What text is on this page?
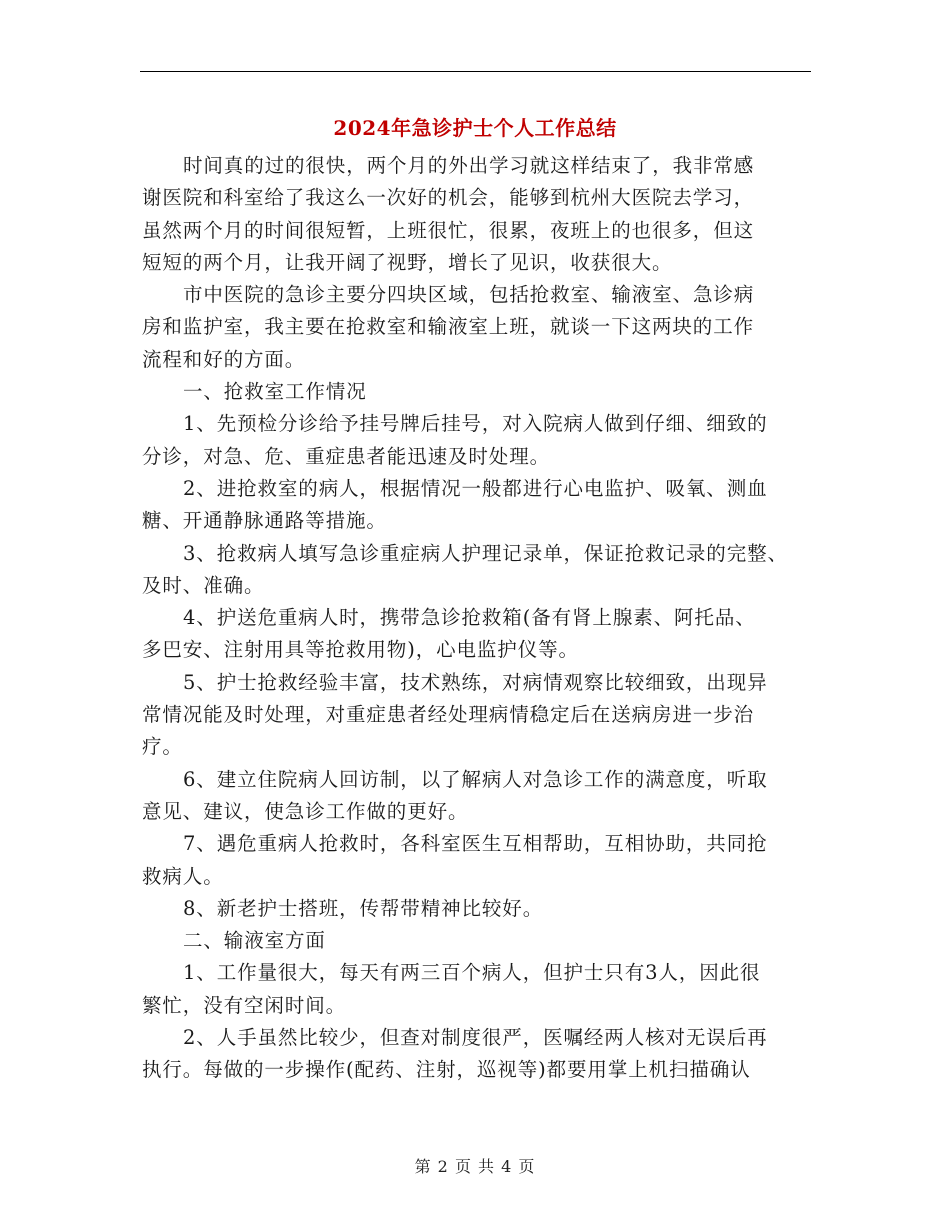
2024年急诊护士个人工作总结
时间真的过的很快，两个月的外出学习就这样结束了，我非常感
谢医院和科室给了我这么一次好的机会，能够到杭州大医院去学习，
虽然两个月的时间很短暂，上班很忙，很累，夜班上的也很多，但这
短短的两个月，让我开阔了视野，增长了见识，收获很大。
市中医院的急诊主要分四块区域，包括抢救室、输液室、急诊病
房和监护室，我主要在抢救室和输液室上班，就谈一下这两块的工作
流程和好的方面。
一、抢救室工作情况
1、先预检分诊给予挂号牌后挂号，对入院病人做到仔细、细致的
分诊，对急、危、重症患者能迅速及时处理。
2、进抢救室的病人，根据情况一般都进行心电监护、吸氧、测血
糖、开通静脉通路等措施。
3、抢救病人填写急诊重症病人护理记录单，保证抢救记录的完整、
及时、准确。
4、护送危重病人时，携带急诊抢救箱(备有肾上腺素、阿托品、
多巴安、注射用具等抢救用物)，心电监护仪等。
5、护士抢救经验丰富，技术熟练，对病情观察比较细致，出现异
常情况能及时处理，对重症患者经处理病情稳定后在送病房进一步治
疗。
6、建立住院病人回访制，以了解病人对急诊工作的满意度，听取
意见、建议，使急诊工作做的更好。
7、遇危重病人抢救时，各科室医生互相帮助，互相协助，共同抢
救病人。
8、新老护士搭班，传帮带精神比较好。
二、输液室方面
1、工作量很大，每天有两三百个病人，但护士只有3人，因此很
繁忙，没有空闲时间。
2、人手虽然比较少，但查对制度很严，医嘱经两人核对无误后再
执行。每做的一步操作(配药、注射，巡视等)都要用掌上机扫描确认
第 2 页 共 4 页
